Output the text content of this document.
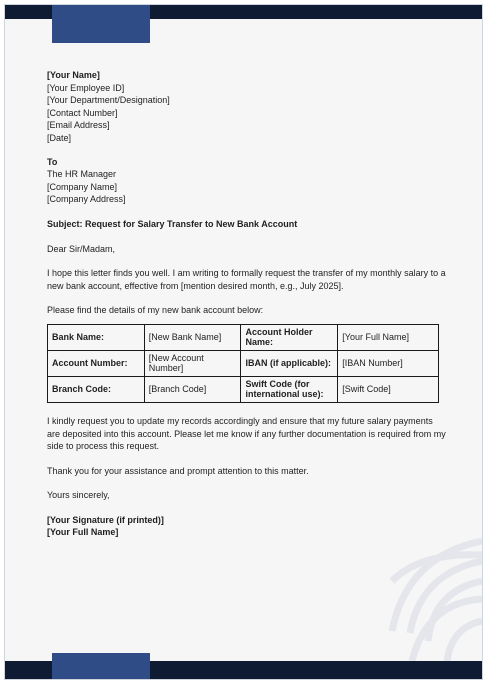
[Your Name]
[Your Employee ID]
[Your Department/Designation]
[Contact Number]
[Email Address]
[Date]
To
The HR Manager
[Company Name]
[Company Address]
Subject: Request for Salary Transfer to New Bank Account
Dear Sir/Madam,

I hope this letter finds you well. I am writing to formally request the transfer of my monthly salary to a new bank account, effective from [mention desired month, e.g., July 2025].

Please find the details of my new bank account below:

Bank Name:	[New Bank Name]	Account Holder Name:	[Your Full Name]
Account Number:	[New Account Number]	IBAN (if applicable):	[IBAN Number]
Branch Code:	[Branch Code]	Swift Code (for international use):	[Swift Code]

I kindly request you to update my records accordingly and ensure that my future salary payments are deposited into this account. Please let me know if any further documentation is required from my side to process this request.

Thank you for your assistance and prompt attention to this matter.

Yours sincerely,
[Your Signature (if printed)]
[Your Full Name]
